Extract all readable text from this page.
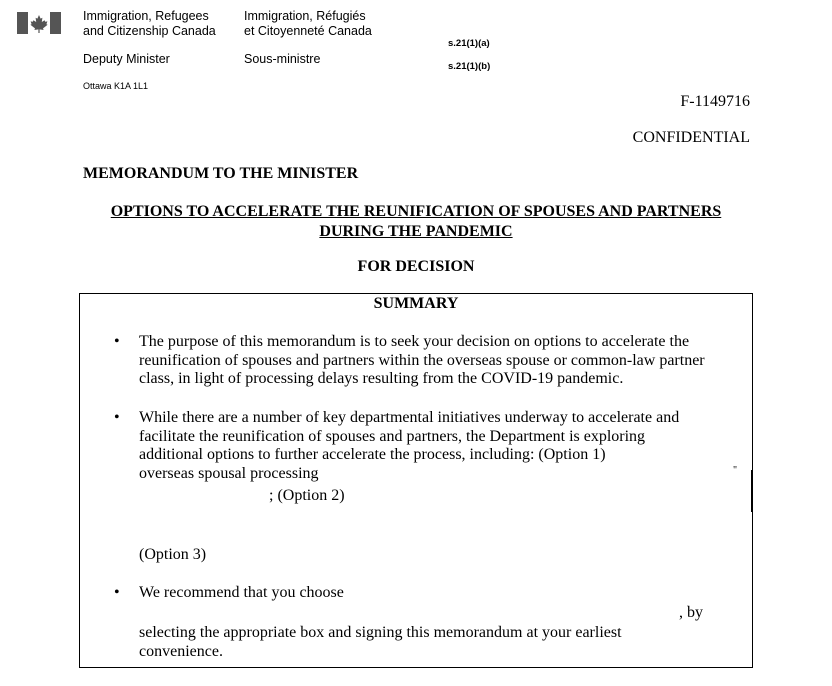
Immigration, Refugees
and Citizenship Canada
Immigration, Réfugiés
et Citoyenneté Canada
s.21(1)(a)
Deputy Minister	Sous-ministre
s.21(1)(b)
Ottawa K1A 1L1
F-1149716
CONFIDENTIAL
MEMORANDUM TO THE MINISTER
OPTIONS TO ACCELERATE THE REUNIFICATION OF SPOUSES AND PARTNERS
DURING THE PANDEMIC
FOR DECISION
SUMMARY
• The purpose of this memorandum is to seek your decision on options to accelerate the
reunification of spouses and partners within the overseas spouse or common-law partner
class, in light of processing delays resulting from the COVID-19 pandemic.
• While there are a number of key departmental initiatives underway to accelerate and
facilitate the reunification of spouses and partners, the Department is exploring
additional options to further accelerate the process, including: (Option 1)
overseas spousal processing	"
; (Option 2)
(Option 3)
• We recommend that you choose
, by
selecting the appropriate box and signing this memorandum at your earliest
convenience.
